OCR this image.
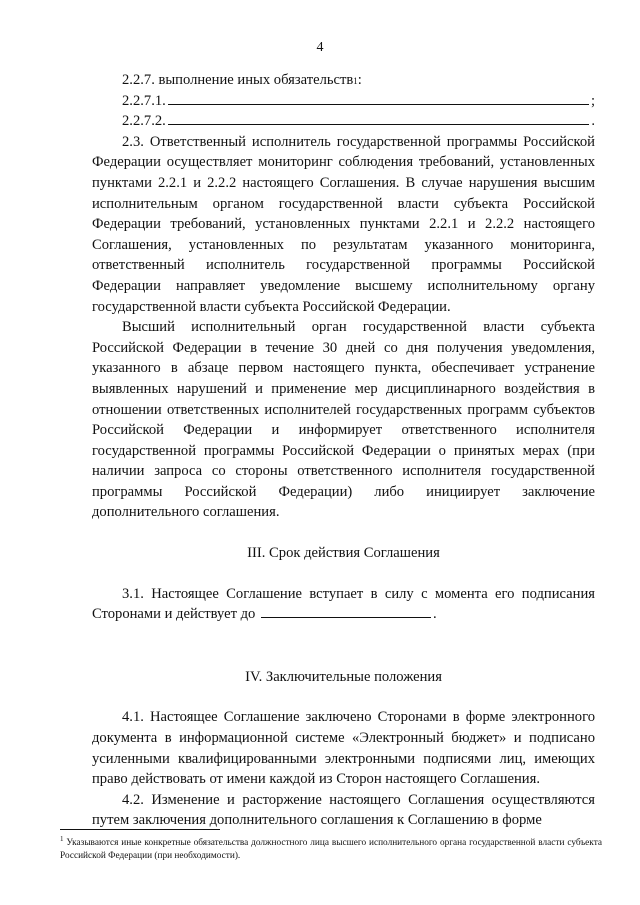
4

2.2.7. выполнение иных обязательств 1 :

2.2.7.1.	;

2.2.7.2.	.

2.3. Ответственный исполнитель государственной программы Российской Федерации осуществляет мониторинг соблюдения требований, установленных пунктами 2.2.1 и 2.2.2 настоящего Соглашения. В случае нарушения высшим исполнительным органом государственной власти субъекта Российской Федерации требований, установленных пунктами 2.2.1 и 2.2.2 настоящего Соглашения, установленных по результатам указанного мониторинга, ответственный исполнитель государственной программы Российской Федерации направляет уведомление высшему исполнительному органу государственной власти субъекта Российской Федерации.

Высший исполнительный орган государственной власти субъекта Российской Федерации в течение 30 дней со дня получения уведомления, указанного в абзаце первом настоящего пункта, обеспечивает устранение выявленных нарушений и применение мер дисциплинарного воздействия в отношении ответственных исполнителей государственных программ субъектов Российской Федерации и информирует ответственного исполнителя государственной программы Российской Федерации о принятых мерах (при наличии запроса со стороны ответственного исполнителя государственной программы Российской Федерации) либо инициирует заключение дополнительного соглашения.

III. Срок действия Соглашения

3.1. Настоящее Соглашение вступает в силу с момента его подписания Сторонами и действует до	.

IV. Заключительные положения

4.1. Настоящее Соглашение заключено Сторонами в форме электронного документа в информационной системе «Электронный бюджет» и подписано усиленными квалифицированными электронными подписями лиц, имеющих право действовать от имени каждой из Сторон настоящего Соглашения.

4.2. Изменение и расторжение настоящего Соглашения осуществляются путем заключения дополнительного соглашения к Соглашению в форме

$^1$ Указываются иные конкретные обязательства должностного лица высшего исполнительного органа государственной власти субъекта Российской Федерации (при необходимости).
